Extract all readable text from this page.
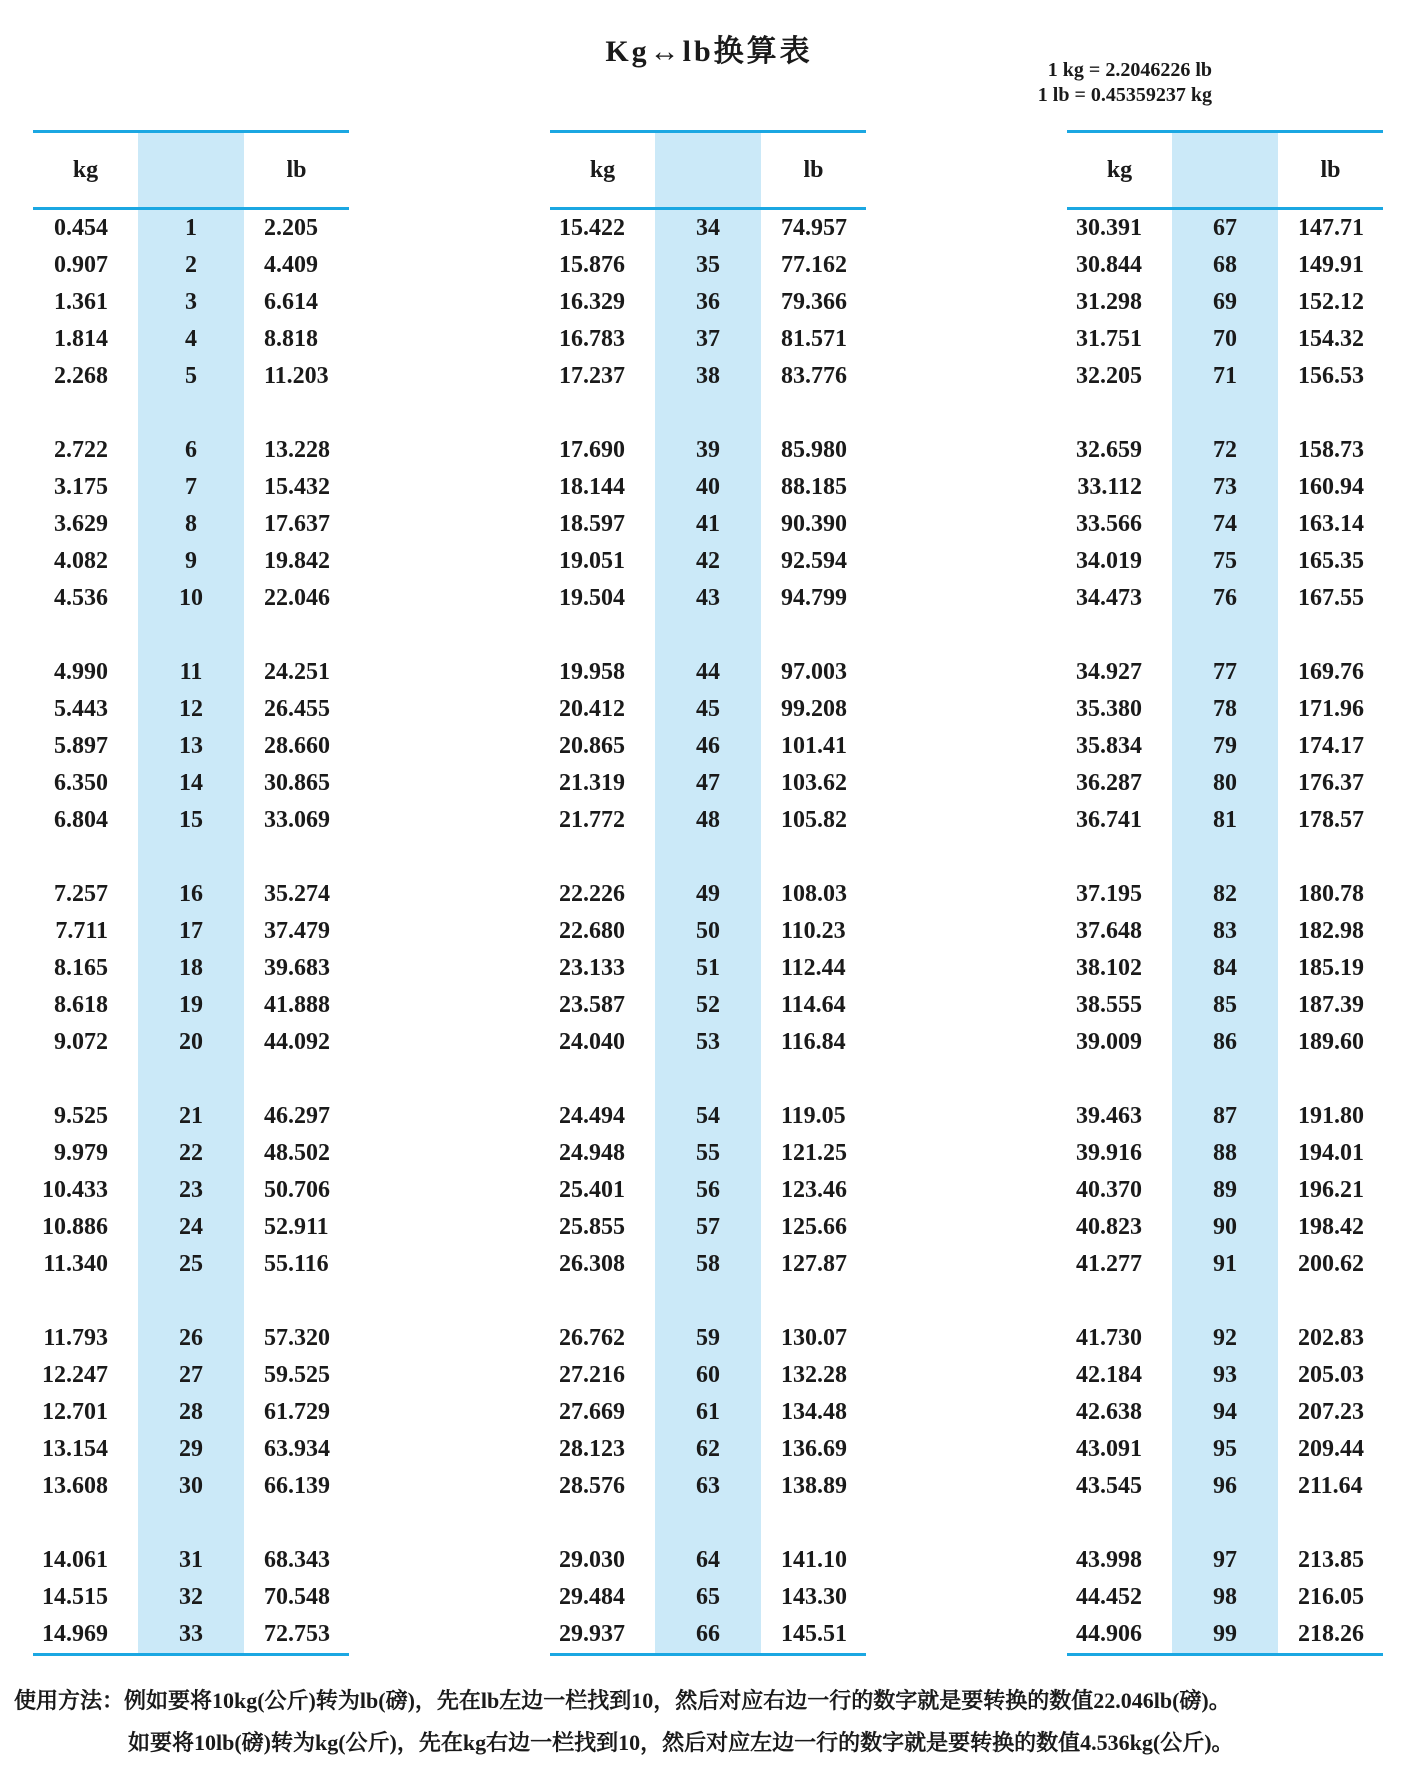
Kg↔lb换算表
1 kg = 2.2046226 lb
1 lb = 0.45359237 kg
kg	lb
0.454	1	2.205
0.907	2	4.409
1.361	3	6.614
1.814	4	8.818
2.268	5	11.203
2.722	6	13.228
3.175	7	15.432
3.629	8	17.637
4.082	9	19.842
4.536	10	22.046
4.990	11	24.251
5.443	12	26.455
5.897	13	28.660
6.350	14	30.865
6.804	15	33.069
7.257	16	35.274
7.711	17	37.479
8.165	18	39.683
8.618	19	41.888
9.072	20	44.092
9.525	21	46.297
9.979	22	48.502
10.433	23	50.706
10.886	24	52.911
11.340	25	55.116
11.793	26	57.320
12.247	27	59.525
12.701	28	61.729
13.154	29	63.934
13.608	30	66.139
14.061	31	68.343
14.515	32	70.548
14.969	33	72.753
kg	lb
15.422	34	74.957
15.876	35	77.162
16.329	36	79.366
16.783	37	81.571
17.237	38	83.776
17.690	39	85.980
18.144	40	88.185
18.597	41	90.390
19.051	42	92.594
19.504	43	94.799
19.958	44	97.003
20.412	45	99.208
20.865	46	101.41
21.319	47	103.62
21.772	48	105.82
22.226	49	108.03
22.680	50	110.23
23.133	51	112.44
23.587	52	114.64
24.040	53	116.84
24.494	54	119.05
24.948	55	121.25
25.401	56	123.46
25.855	57	125.66
26.308	58	127.87
26.762	59	130.07
27.216	60	132.28
27.669	61	134.48
28.123	62	136.69
28.576	63	138.89
29.030	64	141.10
29.484	65	143.30
29.937	66	145.51
kg	lb
30.391	67	147.71
30.844	68	149.91
31.298	69	152.12
31.751	70	154.32
32.205	71	156.53
32.659	72	158.73
33.112	73	160.94
33.566	74	163.14
34.019	75	165.35
34.473	76	167.55
34.927	77	169.76
35.380	78	171.96
35.834	79	174.17
36.287	80	176.37
36.741	81	178.57
37.195	82	180.78
37.648	83	182.98
38.102	84	185.19
38.555	85	187.39
39.009	86	189.60
39.463	87	191.80
39.916	88	194.01
40.370	89	196.21
40.823	90	198.42
41.277	91	200.62
41.730	92	202.83
42.184	93	205.03
42.638	94	207.23
43.091	95	209.44
43.545	96	211.64
43.998	97	213.85
44.452	98	216.05
44.906	99	218.26
使用方法：例如要将10kg(公斤)转为lb(磅)，先在lb左边一栏找到10，然后对应右边一行的数字就是要转换的数值22.046lb(磅)。
如要将10lb(磅)转为kg(公斤)，先在kg右边一栏找到10，然后对应左边一行的数字就是要转换的数值4.536kg(公斤)。
